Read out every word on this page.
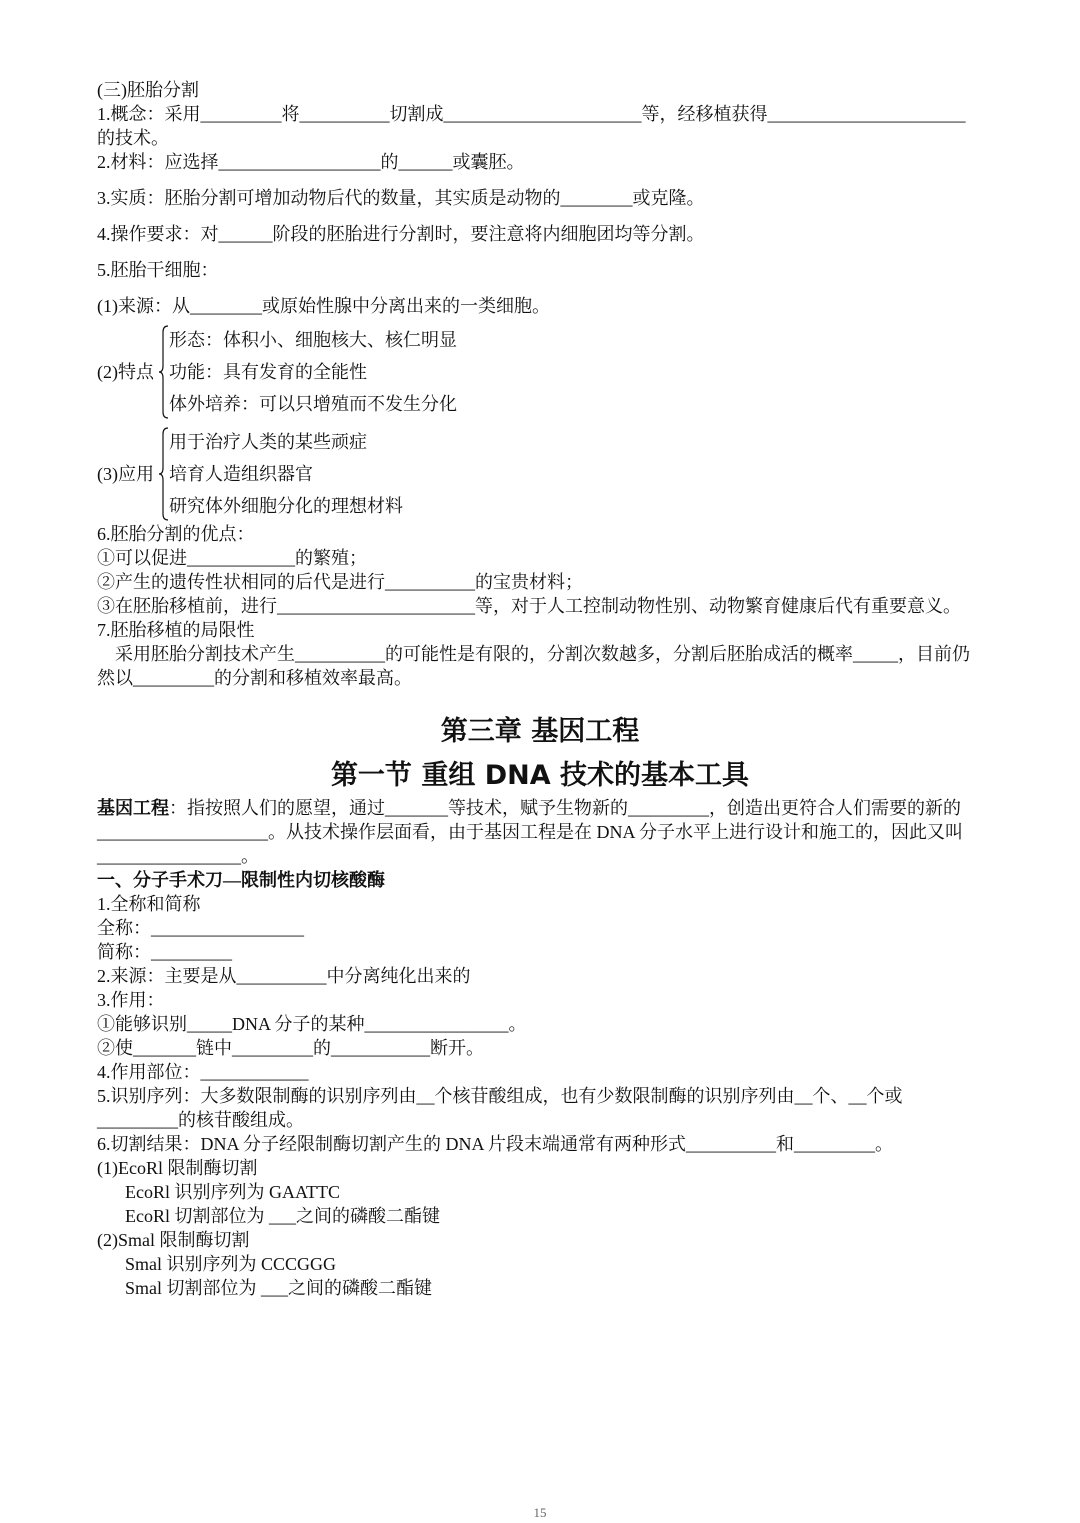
(三)胚胎分割

1.概念：采用_________将__________切割成______________________等，经移植获得______________________的技术。

2.材料：应选择__________________的______或囊胚。

3.实质：胚胎分割可增加动物后代的数量，其实质是动物的________或克隆。

4.操作要求：对______阶段的胚胎进行分割时，要注意将内细胞团均等分割。

5.胚胎干细胞：

(1)来源：从________或原始性腺中分离出来的一类细胞。

(2)特点
形态：体积小、细胞核大、核仁明显
功能：具有发育的全能性
体外培养：可以只增殖而不发生分化
(3)应用
用于治疗人类的某些顽症
培育人造组织器官
研究体外细胞分化的理想材料

6.胚胎分割的优点：

①可以促进____________的繁殖；

②产生的遗传性状相同的后代是进行__________的宝贵材料；

③在胚胎移植前，进行______________________等，对于人工控制动物性别、动物繁育健康后代有重要意义。

7.胚胎移植的局限性

采用胚胎分割技术产生__________的可能性是有限的，分割次数越多，分割后胚胎成活的概率_____，目前仍然以_________的分割和移植效率最高。

第三章 基因工程
第一节 重组 DNA 技术的基本工具

基因工程：指按照人们的愿望，通过_______等技术，赋予生物新的_________，创造出更符合人们需要的新的___________________。从技术操作层面看，由于基因工程是在 DNA 分子水平上进行设计和施工的，因此又叫________________。

一、分子手术刀—限制性内切核酸酶

1.全称和简称

全称：_________________

简称：_________

2.来源：主要是从__________中分离纯化出来的

3.作用：

①能够识别_____DNA 分子的某种________________。

②使_______链中_________的___________断开。

4.作用部位：____________

5.识别序列：大多数限制酶的识别序列由__个核苷酸组成，也有少数限制酶的识别序列由__个、__个或_________的核苷酸组成。

6.切割结果：DNA 分子经限制酶切割产生的 DNA 片段末端通常有两种形式__________和_________。

(1)EcoRl 限制酶切割

EcoRl 识别序列为 GAATTC

EcoRl 切割部位为 ___之间的磷酸二酯键

(2)Smal 限制酶切割

Smal 识别序列为 CCCGGG

Smal 切割部位为 ___之间的磷酸二酯键

15
